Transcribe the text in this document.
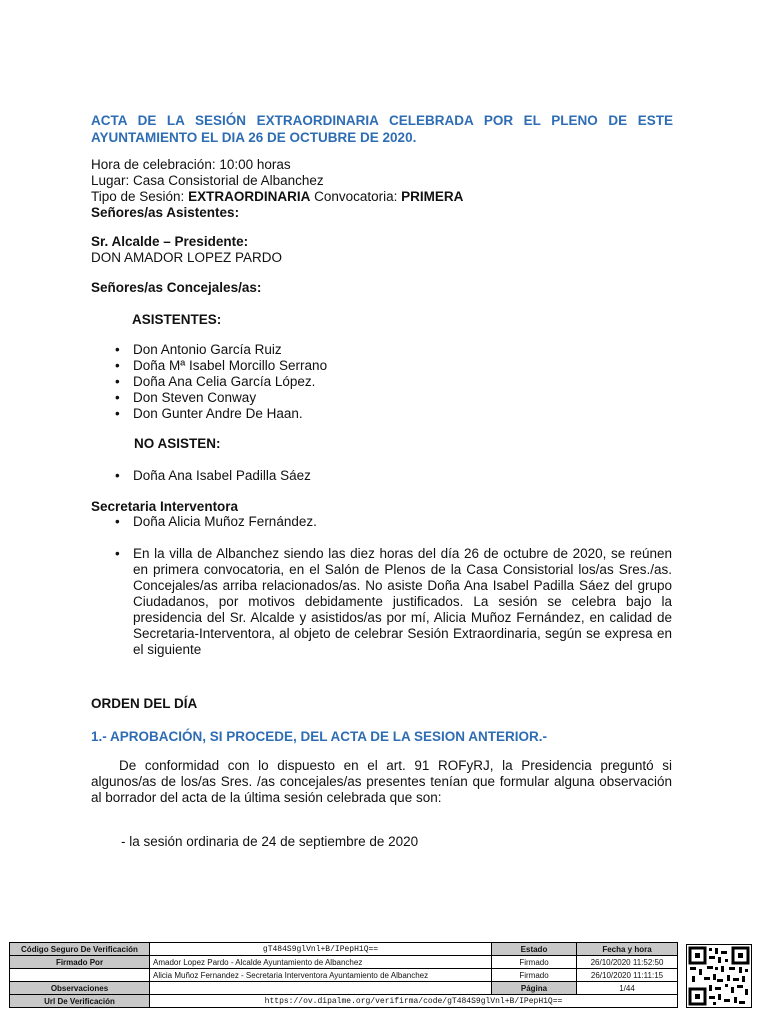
ACTA DE LA SESIÓN EXTRAORDINARIA CELEBRADA POR EL PLENO DE ESTE AYUNTAMIENTO EL DIA 26 DE OCTUBRE DE 2020.
Hora de celebración: 10:00 horas
Lugar: Casa Consistorial de Albanchez
Tipo de Sesión: EXTRAORDINARIA Convocatoria: PRIMERA
Señores/as Asistentes:
Sr. Alcalde – Presidente:
DON AMADOR LOPEZ PARDO
Señores/as Concejales/as:
ASISTENTES:
• Don Antonio García Ruiz
• Doña Mª Isabel Morcillo Serrano
• Doña Ana Celia García López.
• Don Steven Conway
• Don Gunter Andre De Haan.
NO ASISTEN:
• Doña Ana Isabel Padilla Sáez
Secretaria Interventora
• Doña Alicia Muñoz Fernández.
• En la villa de Albanchez siendo las diez horas del día 26 de octubre de 2020, se reúnen en primera convocatoria, en el Salón de Plenos de la Casa Consistorial los/as Sres./as. Concejales/as arriba relacionados/as. No asiste Doña Ana Isabel Padilla Sáez del grupo Ciudadanos, por motivos debidamente justificados. La sesión se celebra bajo la presidencia del Sr. Alcalde y asistidos/as por mí, Alicia Muñoz Fernández, en calidad de Secretaria-Interventora, al objeto de celebrar Sesión Extraordinaria, según se expresa en el siguiente
ORDEN DEL DÍA
1.- APROBACIÓN, SI PROCEDE, DEL ACTA DE LA SESION ANTERIOR.-
De conformidad con lo dispuesto en el art. 91 ROFyRJ, la Presidencia preguntó si algunos/as de los/as Sres. /as concejales/as presentes tenían que formular alguna observación al borrador del acta de la última sesión celebrada que son:
- la sesión ordinaria de 24 de septiembre de 2020
Código Seguro De Verificación	gT484S9glVnl+B/IPepH1Q==	Estado	Fecha y hora
Firmado Por	Amador Lopez Pardo - Alcalde Ayuntamiento de Albanchez	Firmado	26/10/2020 11:52:50
	Alicia Muñoz Fernandez - Secretaria Interventora Ayuntamiento de Albanchez	Firmado	26/10/2020 11:11:15
Observaciones		Página	1/44
Url De Verificación	https://ov.dipalme.org/verifirma/code/gT484S9glVnl+B/IPepH1Q==		
